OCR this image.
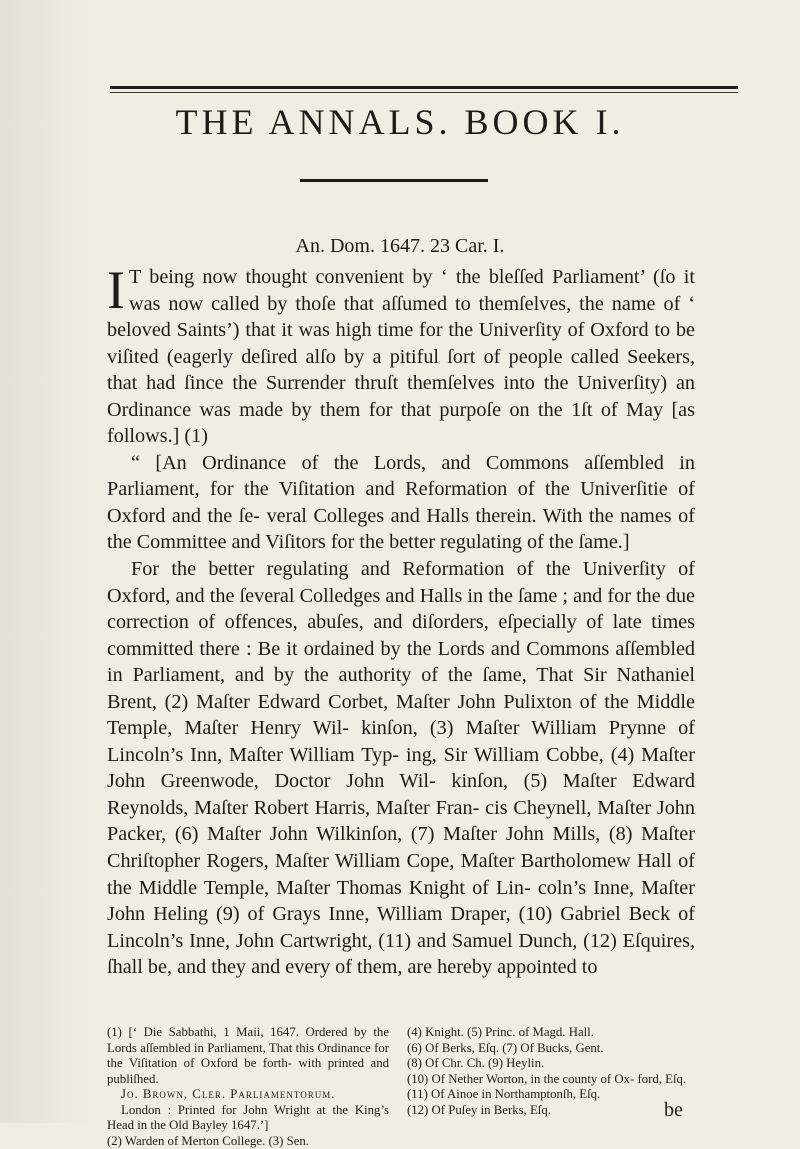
THE ANNALS. BOOK I.
An. Dom. 1647. 23 Car. I.

I T being now thought convenient by ‘ the bleſſed Parliament’ (ſo it was now called by thoſe that aſſumed to themſelves, the name of ‘ beloved Saints’) that it was high time for the Univerſity of Oxford to be viſited (eagerly deſired alſo by a pitiful ſort of people called Seekers, that had ſince the Surrender thruſt themſelves into the Univerſity) an Ordinance was made by them for that purpoſe on the 1ſt of May [as follows.] (1)

“ [An Ordinance of the Lords, and Commons aſſembled in Parliament, for the Viſitation and Reformation of the Univerſitie of Oxford and the ſe- veral Colleges and Halls therein. With the names of the Committee and Viſitors for the better regulating of the ſame.]

For the better regulating and Reformation of the Univerſity of Oxford, and the ſeveral Colledges and Halls in the ſame ; and for the due correction of offences, abuſes, and diſorders, eſpecially of late times committed there : Be it ordained by the Lords and Commons aſſembled in Parliament, and by the authority of the ſame, That Sir Nathaniel Brent, (2) Maſter Edward Corbet, Maſter John Pulixton of the Middle Temple, Maſter Henry Wil- kinſon, (3) Maſter William Prynne of Lincoln’s Inn, Maſter William Typ- ing, Sir William Cobbe, (4) Maſter John Greenwode, Doctor John Wil- kinſon, (5) Maſter Edward Reynolds, Maſter Robert Harris, Maſter Fran- cis Cheynell, Maſter John Packer, (6) Maſter John Wilkinſon, (7) Maſter John Mills, (8) Maſter Chriſtopher Rogers, Maſter William Cope, Maſter Bartholomew Hall of the Middle Temple, Maſter Thomas Knight of Lin- coln’s Inne, Maſter John Heling (9) of Grays Inne, William Draper, (10) Gabriel Beck of Lincoln’s Inne, John Cartwright, (11) and Samuel Dunch, (12) Eſquires, ſhall be, and they and every of them, are hereby appointed to

(1) [‘ Die Sabbathi, 1 Maii, 1647. Ordered by the Lords aſſembled in Parliament, That this Ordinance for the Viſitation of Oxford be forth- with printed and publiſhed.

Jo. Brown, Cler. Parliamentorum.

London : Printed for John Wright at the King’s Head in the Old Bayley 1647.’]

(2) Warden of Merton College. (3) Sen.

(4) Knight. (5) Princ. of Magd. Hall.

(6) Of Berks, Eſq. (7) Of Bucks, Gent.

(8) Of Chr. Ch. (9) Heylin.

(10) Of Nether Worton, in the county of Ox- ford, Eſq.

(11) Of Ainoe in Northamptonſh, Eſq.

(12) Of Puſey in Berks, Eſq.	be
